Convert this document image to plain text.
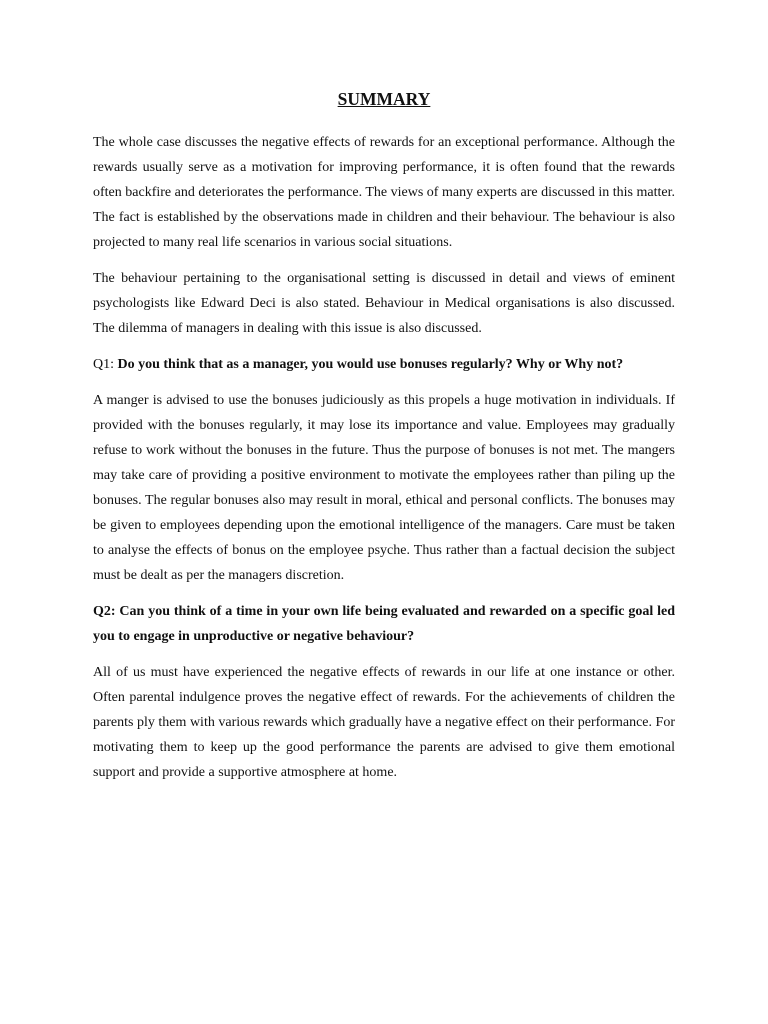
SUMMARY

The whole case discusses the negative effects of rewards for an exceptional performance. Although the rewards usually serve as a motivation for improving performance, it is often found that the rewards often backfire and deteriorates the performance. The views of many experts are discussed in this matter. The fact is established by the observations made in children and their behaviour. The behaviour is also projected to many real life scenarios in various social situations.

The behaviour pertaining to the organisational setting is discussed in detail and views of eminent psychologists like Edward Deci is also stated. Behaviour in Medical organisations is also discussed. The dilemma of managers in dealing with this issue is also discussed.

Q1: Do you think that as a manager, you would use bonuses regularly? Why or Why not?

A manger is advised to use the bonuses judiciously as this propels a huge motivation in individuals. If provided with the bonuses regularly, it may lose its importance and value. Employees may gradually refuse to work without the bonuses in the future. Thus the purpose of bonuses is not met. The mangers may take care of providing a positive environment to motivate the employees rather than piling up the bonuses. The regular bonuses also may result in moral, ethical and personal conflicts. The bonuses may be given to employees depending upon the emotional intelligence of the managers. Care must be taken to analyse the effects of bonus on the employee psyche. Thus rather than a factual decision the subject must be dealt as per the managers discretion.

Q2: Can you think of a time in your own life being evaluated and rewarded on a specific goal led you to engage in unproductive or negative behaviour?

All of us must have experienced the negative effects of rewards in our life at one instance or other. Often parental indulgence proves the negative effect of rewards. For the achievements of children the parents ply them with various rewards which gradually have a negative effect on their performance. For motivating them to keep up the good performance the parents are advised to give them emotional support and provide a supportive atmosphere at home.
